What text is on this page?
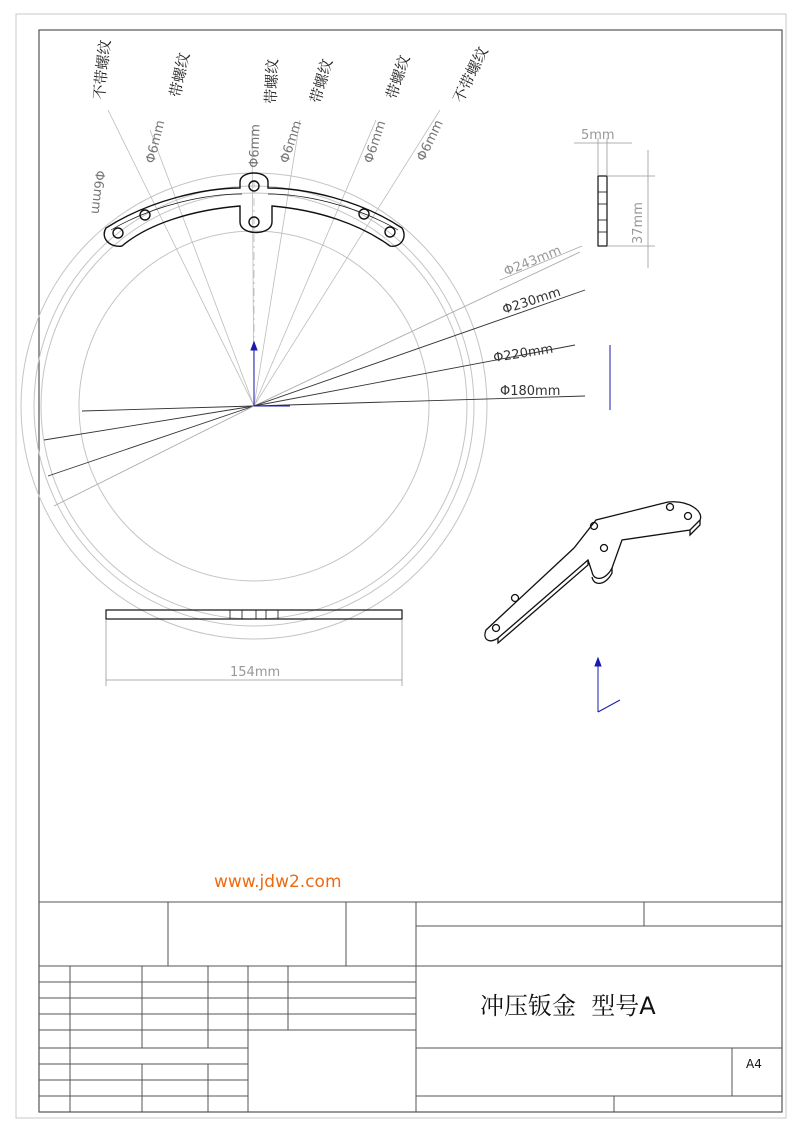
不带螺纹
Φ6mm
带螺纹
Φ6mm
带螺纹
Φ6mm
带螺纹
Φ6mm
带螺纹
Φ6mm
不带螺纹
Φ6mm
Φ243mm
Φ230mm
Φ220mm
Φ180mm
5mm
37mm
154mm
www.jdw2.com
冲压钣金  型号A
A4
